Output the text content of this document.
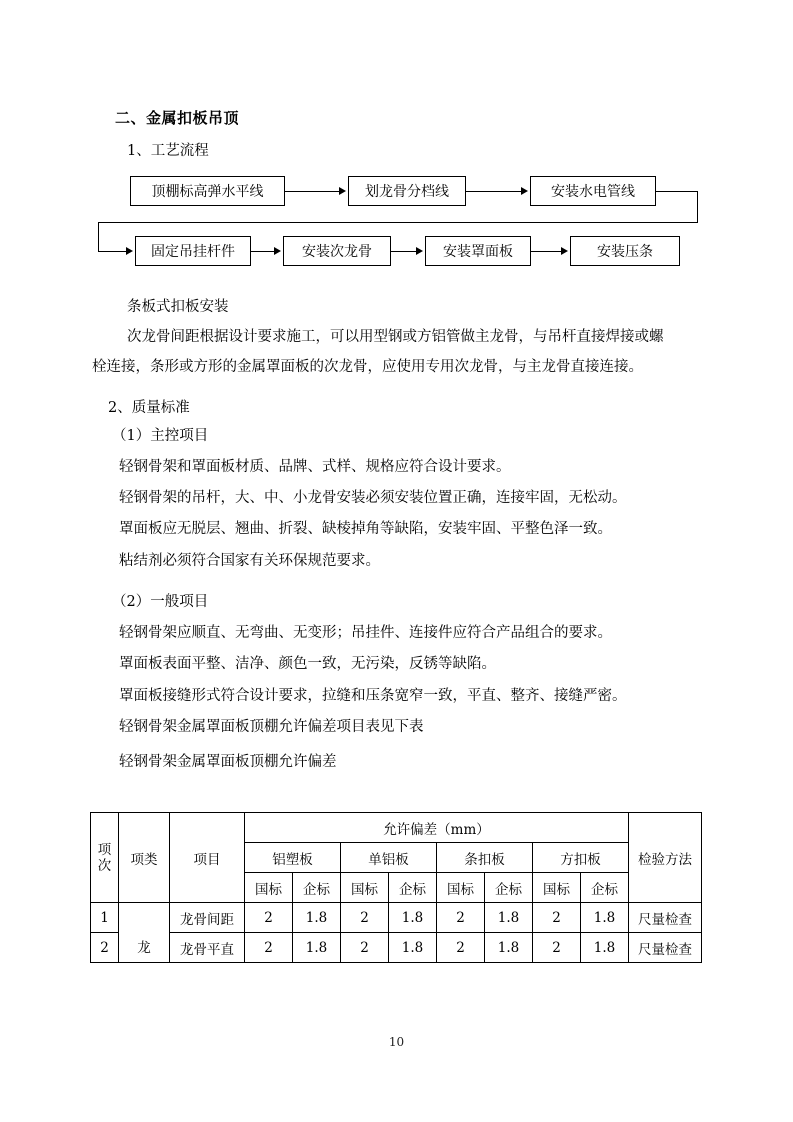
二、金属扣板吊顶
1、工艺流程
顶棚标高弹水平线	划龙骨分档线	安装水电管线
固定吊挂杆件	安装次龙骨	安装罩面板	安装压条
条板式扣板安装
次龙骨间距根据设计要求施工，可以用型钢或方铝管做主龙骨，与吊杆直接焊接或螺
栓连接，条形或方形的金属罩面板的次龙骨，应使用专用次龙骨，与主龙骨直接连接。
2、质量标准
（1）主控项目
轻钢骨架和罩面板材质、品牌、式样、规格应符合设计要求。
轻钢骨架的吊杆，大、中、小龙骨安装必须安装位置正确，连接牢固，无松动。
罩面板应无脱层、翘曲、折裂、缺棱掉角等缺陷，安装牢固、平整色泽一致。
粘结剂必须符合国家有关环保规范要求。
（2）一般项目
轻钢骨架应顺直、无弯曲、无变形；吊挂件、连接件应符合产品组合的要求。
罩面板表面平整、洁净、颜色一致，无污染，反锈等缺陷。
罩面板接缝形式符合设计要求，拉缝和压条宽窄一致，平直、整齐、接缝严密。
轻钢骨架金属罩面板顶棚允许偏差项目表见下表
轻钢骨架金属罩面板顶棚允许偏差
项
次	项类	项目	允许偏差（mm）								检验方法
			铝塑板		单铝板		条扣板		方扣板		
			国标	企标	国标	企标	国标	企标	国标	企标	
1	龙	龙骨间距	2	1.8	2	1.8	2	1.8	2	1.8	尺量检查
2		龙骨平直	2	1.8	2	1.8	2	1.8	2	1.8	尺量检查
10
